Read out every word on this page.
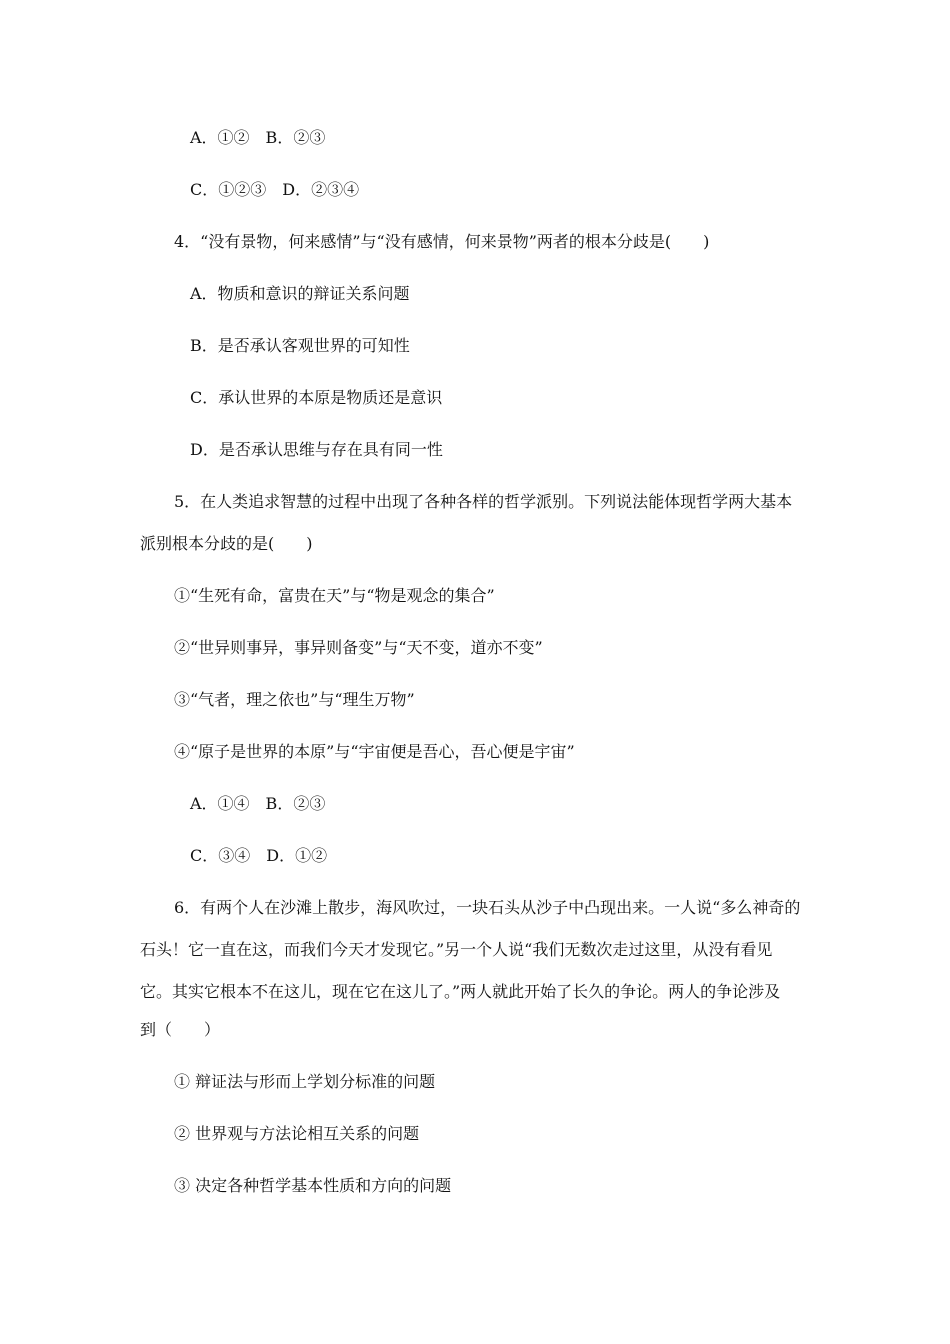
A．①②　B．②③
C．①②③　D．②③④
4．“没有景物，何来感情”与“没有感情，何来景物”两者的根本分歧是(　　)
A．物质和意识的辩证关系问题
B．是否承认客观世界的可知性
C．承认世界的本原是物质还是意识
D．是否承认思维与存在具有同一性
5．在人类追求智慧的过程中出现了各种各样的哲学派别。下列说法能体现哲学两大基本
派别根本分歧的是(　　)
①“生死有命，富贵在天”与“物是观念的集合”
②“世异则事异，事异则备变”与“天不变，道亦不变”
③“气者，理之依也”与“理生万物”
④“原子是世界的本原”与“宇宙便是吾心，吾心便是宇宙”
A．①④　B．②③
C．③④　D．①②
6．有两个人在沙滩上散步，海风吹过，一块石头从沙子中凸现出来。一人说“多么神奇的
石头！它一直在这，而我们今天才发现它。”另一个人说“我们无数次走过这里，从没有看见
它。其实它根本不在这儿，现在它在这儿了。”两人就此开始了长久的争论。两人的争论涉及
到（　　）
① 辩证法与形而上学划分标准的问题
② 世界观与方法论相互关系的问题
③ 决定各种哲学基本性质和方向的问题
